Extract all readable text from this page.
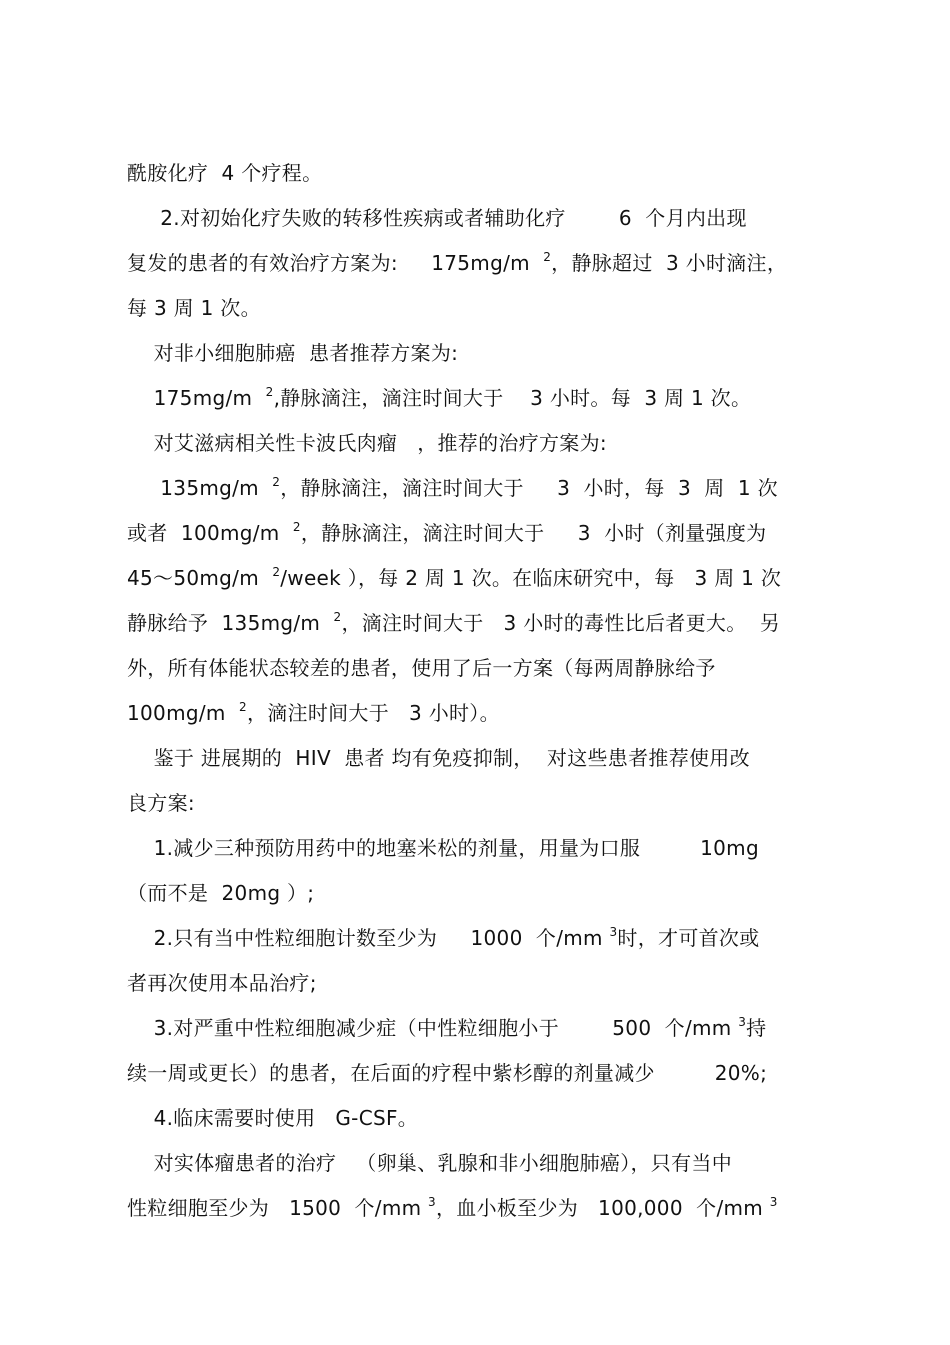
酰胺化疗  4 个疗程。
2.对初始化疗失败的转移性疾病或者辅助化疗        6  个月内出现
复发的患者的有效治疗方案为:     175mg/m  $^2$，静脉超过  3 小时滴注，
每 3 周 1 次。
对非小细胞肺癌  患者推荐方案为:
175mg/m  $^2$,静脉滴注，滴注时间大于    3 小时。每  3 周 1 次。
对艾滋病相关性卡波氏肉瘤   ，推荐的治疗方案为:
135mg/m  $^2$，静脉滴注，滴注时间大于     3  小时，每  3  周  1 次
或者  100mg/m  $^2$，静脉滴注，滴注时间大于     3  小时（剂量强度为
45～50mg/m  $^2$/week ），每 2 周 1 次。在临床研究中，每   3 周 1 次
静脉给予  135mg/m  $^2$，滴注时间大于   3 小时的毒性比后者更大。  另
外，所有体能状态较差的患者，使用了后一方案（每两周静脉给予
100mg/m  $^2$，滴注时间大于   3 小时）。
鉴于 进展期的  HIV  患者 均有免疫抑制，  对这些患者推荐使用改
良方案:
1.减少三种预防用药中的地塞米松的剂量，用量为口服         10mg
（而不是  20mg ）;
2.只有当中性粒细胞计数至少为     1000  个/mm $^3$时，才可首次或
者再次使用本品治疗;
3.对严重中性粒细胞减少症（中性粒细胞小于        500  个/mm $^3$持
续一周或更长）的患者，在后面的疗程中紫杉醇的剂量减少         20%;
4.临床需要时使用   G-CSF。
对实体瘤患者的治疗   （卵巢、乳腺和非小细胞肺癌），只有当中
性粒细胞至少为   1500  个/mm $^3$，血小板至少为   100,000  个/mm $^3$
